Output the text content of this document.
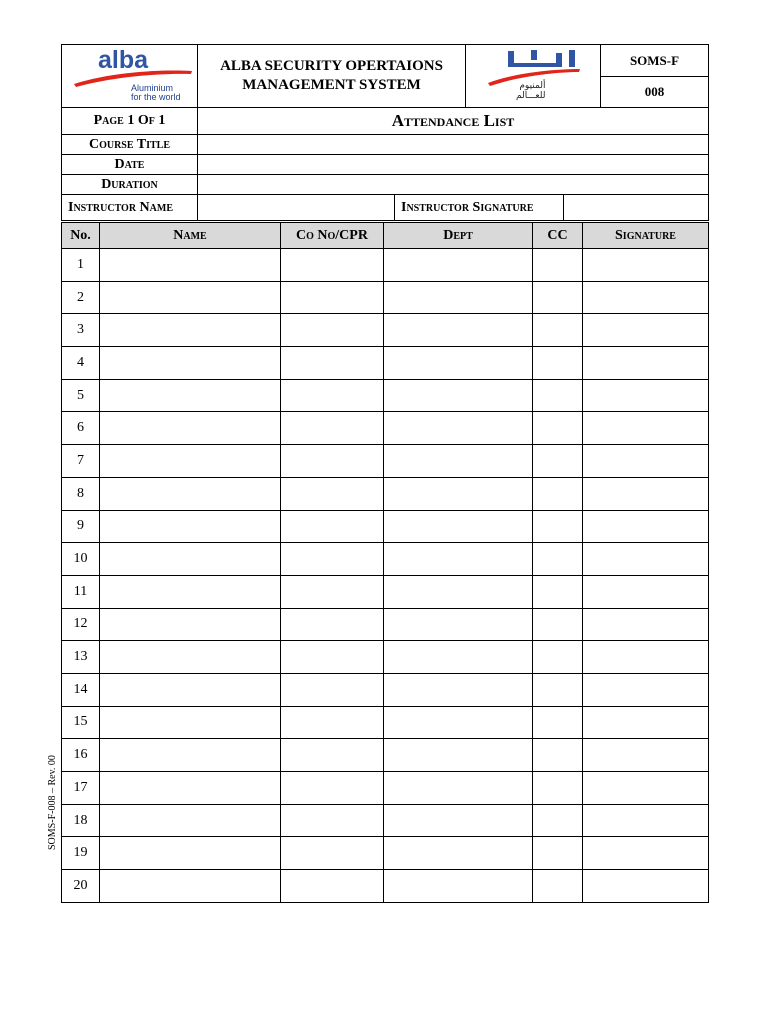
alba
Aluminium
for the world

ALBA SECURITY OPERTAIONS
MANAGEMENT SYSTEM	ألمنيوم
للعـــالم
	SOMS-F
008
Page 1 Of 1	Attendance List
Course Title	
Date	
Duration	
Instructor Name		Instructor Signature	
No.	Name	Co No/CPR	Dept	CC	Signature
1					
2					
3					
4					
5					
6					
7					
8					
9					
10					
11					
12					
13					
14					
15					
16					
17					
18					
19					
20					
SOMS-F-008 – Rev. 00
